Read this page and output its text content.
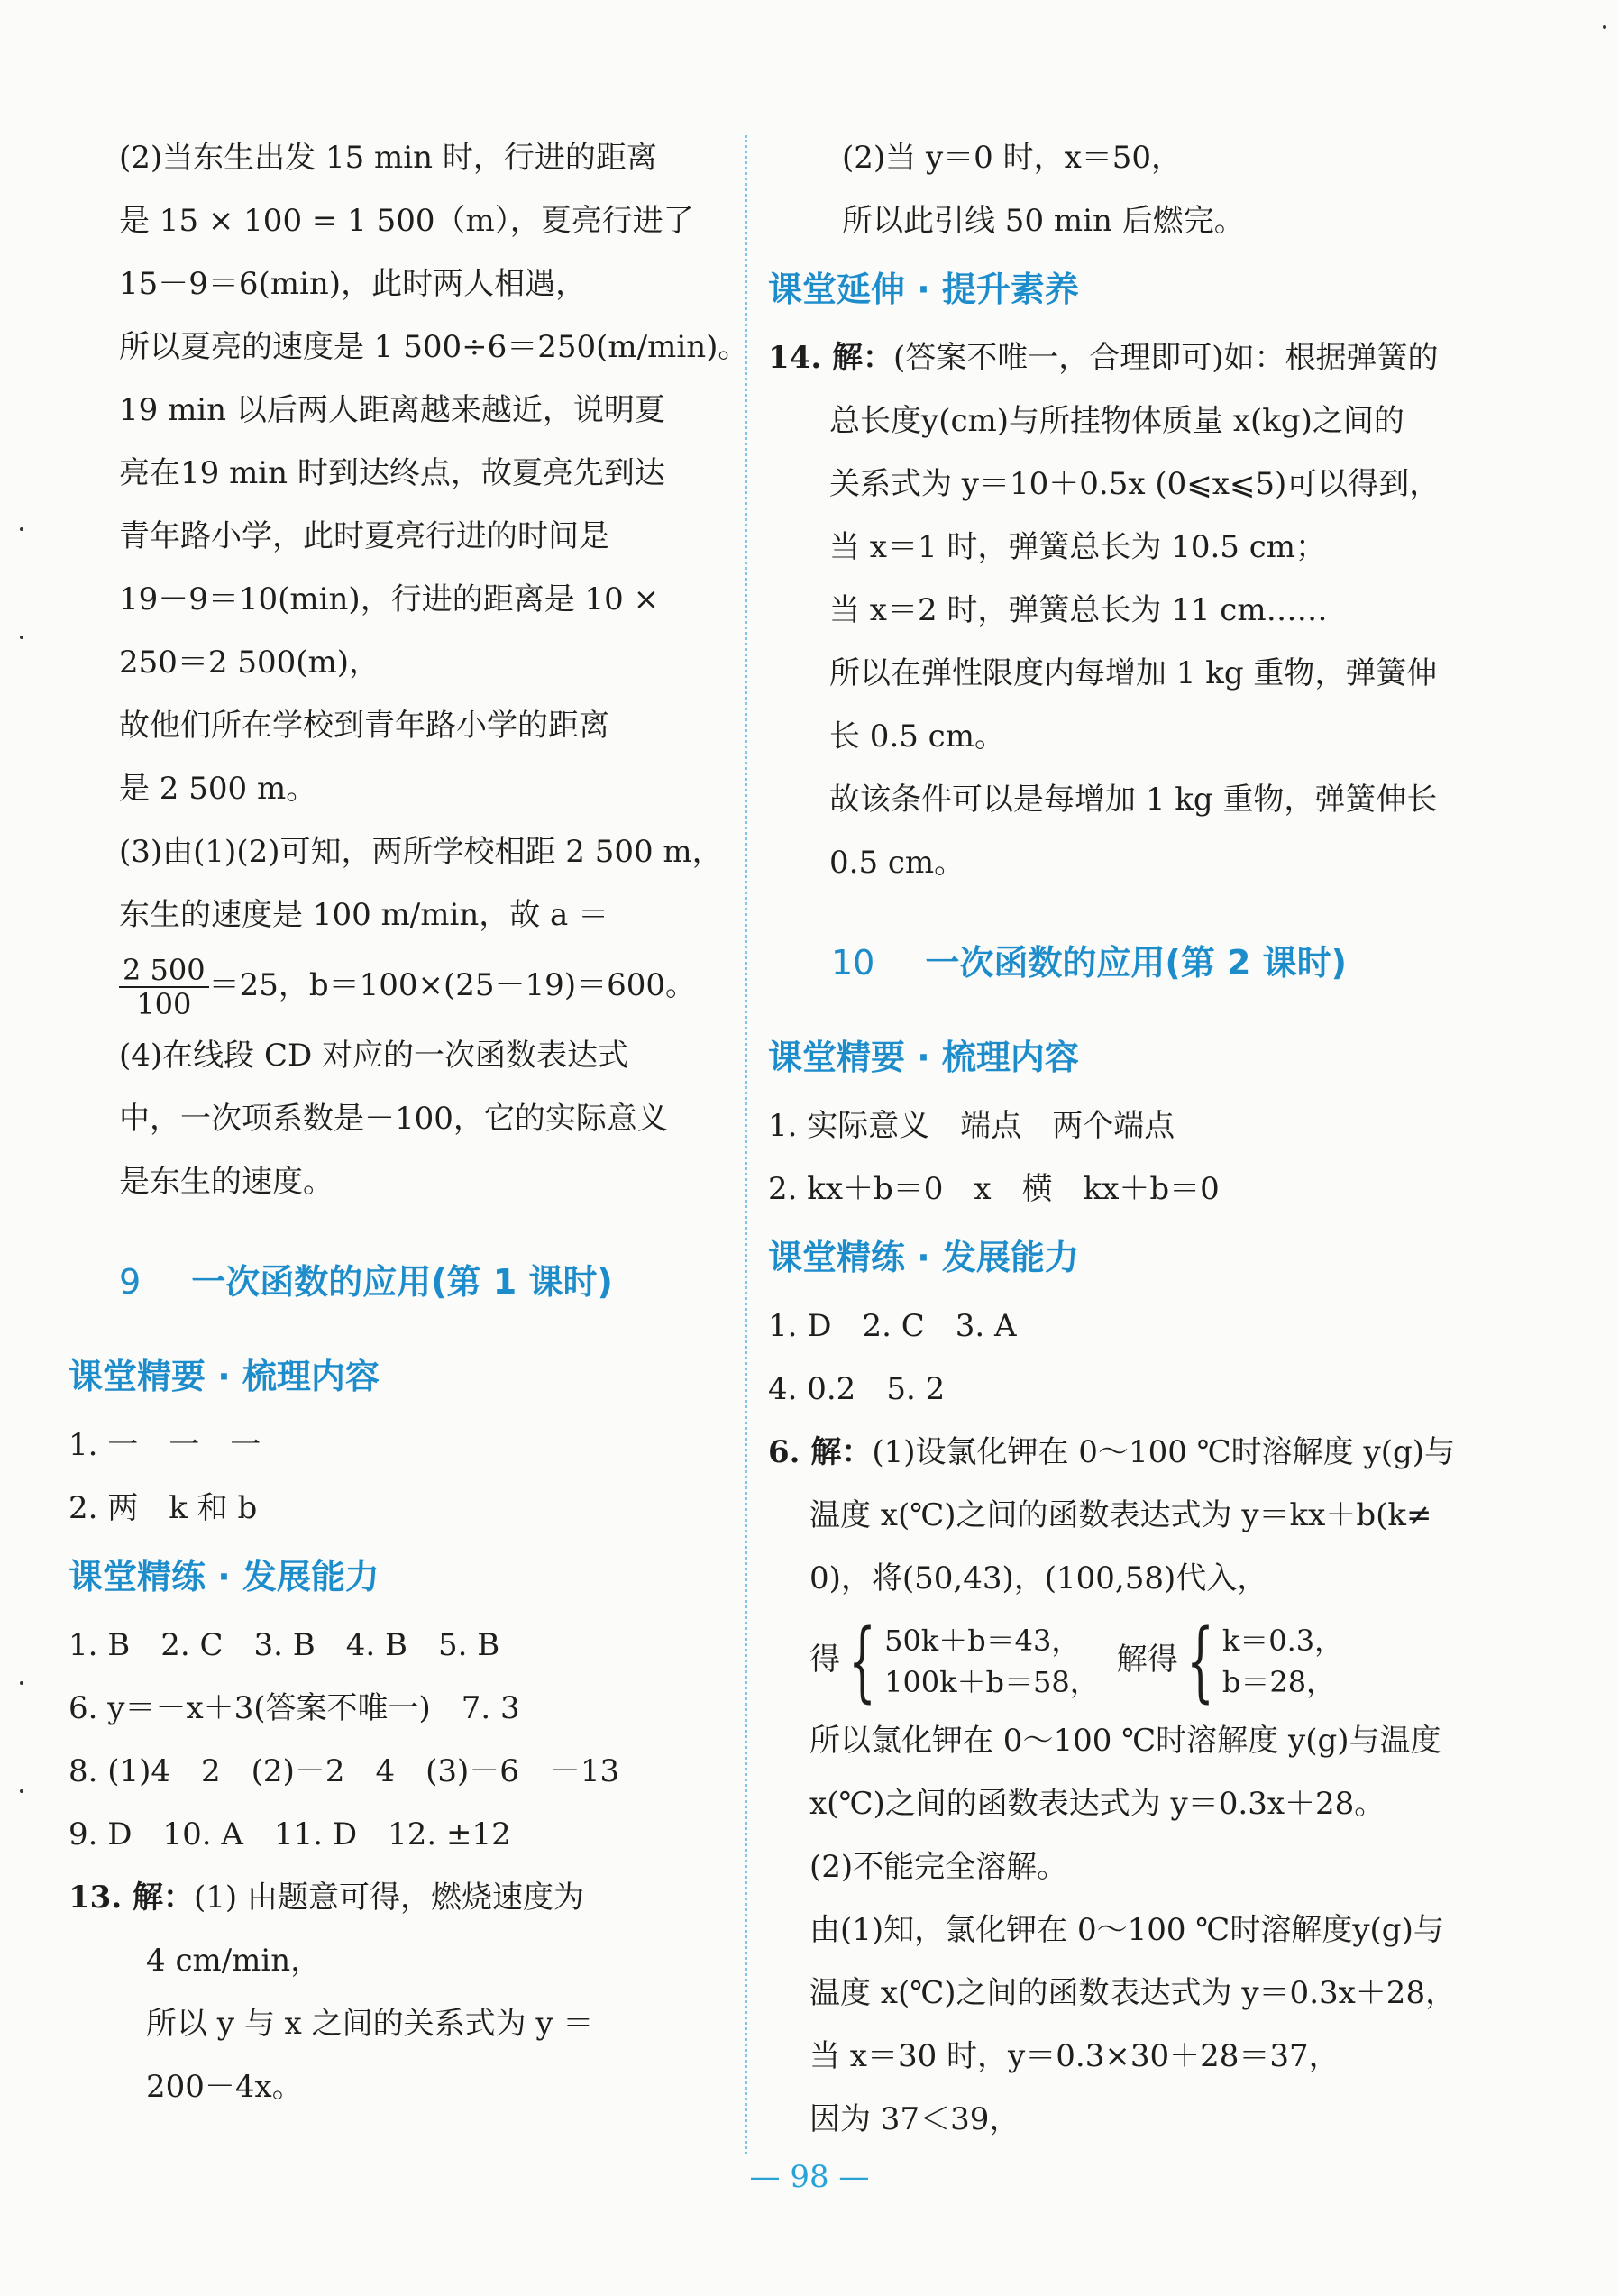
(2)当东生出发 15 min 时，行进的距离
是 15 × 100 = 1 500（m），夏亮行进了
15－9＝6(min)，此时两人相遇，
所以夏亮的速度是 1 500÷6＝250(m/min)。
19 min 以后两人距离越来越近，说明夏
亮在19 min 时到达终点，故夏亮先到达
青年路小学，此时夏亮行进的时间是
19－9＝10(min)，行进的距离是 10 ×
250＝2 500(m)，
故他们所在学校到青年路小学的距离
是 2 500 m。
(3)由(1)(2)可知，两所学校相距 2 500 m，
东生的速度是 100 m/min，故 a ＝
$\frac{2 500}{100} =25$，b＝100×(25－19)＝600。
(4)在线段 CD 对应的一次函数表达式
中，一次项系数是－100，它的实际意义
是东生的速度。
9 一次函数的应用(第 1 课时)
课堂精要 · 梳理内容
1. 一　一　一
2. 两　k 和 b
课堂精练 · 发展能力
1. B　2. C　3. B　4. B　5. B
6. y＝－x＋3(答案不唯一)　7. 3
8. (1)4　2　(2)－2　4　(3)－6　－13
9. D　10. A　11. D　12. ±12
13. 解：(1) 由题意可得，燃烧速度为
4 cm/min，
所以 y 与 x 之间的关系式为 y ＝
200－4x。
(2)当 y＝0 时，x＝50，
所以此引线 50 min 后燃完。
课堂延伸 · 提升素养
14. 解：(答案不唯一，合理即可)如：根据弹簧的
总长度y(cm)与所挂物体质量 x(kg)之间的
关系式为 y＝10＋0.5x (0⩽x⩽5)可以得到，
当 x＝1 时，弹簧总长为 10.5 cm；
当 x＝2 时，弹簧总长为 11 cm……
所以在弹性限度内每增加 1 kg 重物，弹簧伸
长 0.5 cm。
故该条件可以是每增加 1 kg 重物，弹簧伸长
0.5 cm。
10 一次函数的应用(第 2 课时)
课堂精要 · 梳理内容
1. 实际意义　端点　两个端点
2. kx＋b＝0　x　横　kx＋b＝0
课堂精练 · 发展能力
1. D　2. C　3. A
4. 0.2　5. 2
6. 解：(1)设氯化钾在 0～100 ℃时溶解度 y(g)与
温度 x(℃)之间的函数表达式为 y＝kx＋b(k≠
0)，将(50,43)，(100,58)代入，
得 { 50k＋b＝43，
100k＋b＝58，
解得 { k＝0.3，
b＝28，
所以氯化钾在 0～100 ℃时溶解度 y(g)与温度
x(℃)之间的函数表达式为 y＝0.3x＋28。
(2)不能完全溶解。
由(1)知，氯化钾在 0～100 ℃时溶解度y(g)与
温度 x(℃)之间的函数表达式为 y＝0.3x＋28，
当 x＝30 时，y＝0.3×30＋28＝37，
因为 37＜39，
— 98 —
